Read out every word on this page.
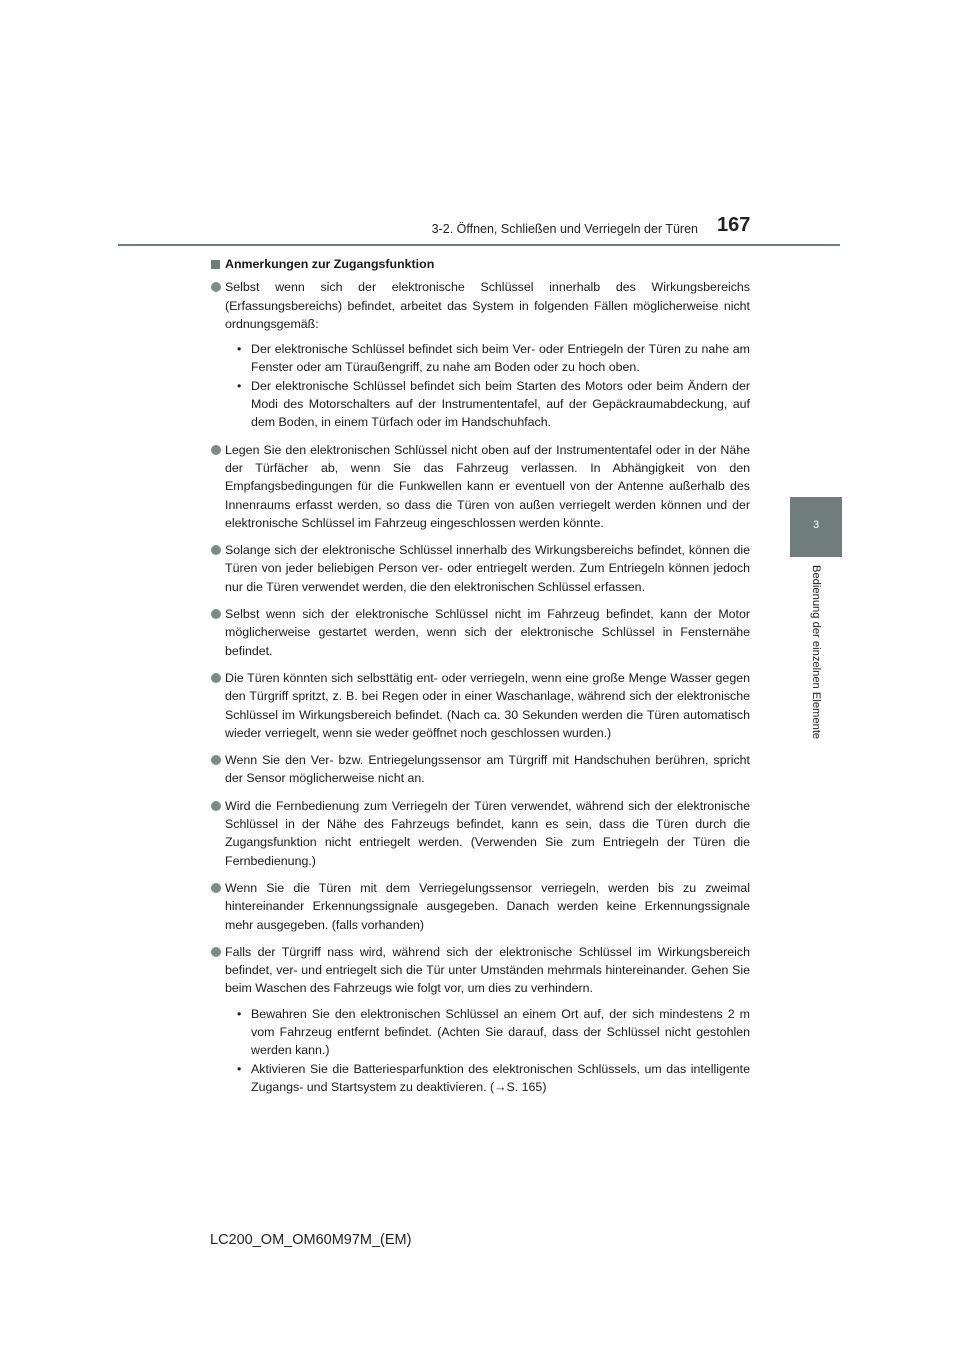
3-2. Öffnen, Schließen und Verriegeln der Türen 167
3
Bedienung der einzelnen Elemente
Anmerkungen zur Zugangsfunktion
Selbst wenn sich der elektronische Schlüssel innerhalb des Wirkungsbereichs (Erfassungsbereichs) befindet, arbeitet das System in folgenden Fällen möglicherweise nicht ordnungsgemäß:
• Der elektronische Schlüssel befindet sich beim Ver- oder Entriegeln der Türen zu nahe am Fenster oder am Türaußengriff, zu nahe am Boden oder zu hoch oben.
• Der elektronische Schlüssel befindet sich beim Starten des Motors oder beim Ändern der Modi des Motorschalters auf der Instrumententafel, auf der Gepäckraumabdeckung, auf dem Boden, in einem Türfach oder im Handschuhfach.
Legen Sie den elektronischen Schlüssel nicht oben auf der Instrumententafel oder in der Nähe der Türfächer ab, wenn Sie das Fahrzeug verlassen. In Abhängigkeit von den Empfangsbedingungen für die Funkwellen kann er eventuell von der Antenne außerhalb des Innenraums erfasst werden, so dass die Türen von außen verriegelt werden können und der elektronische Schlüssel im Fahrzeug eingeschlossen werden könnte.
Solange sich der elektronische Schlüssel innerhalb des Wirkungsbereichs befindet, können die Türen von jeder beliebigen Person ver- oder entriegelt werden. Zum Entriegeln können jedoch nur die Türen verwendet werden, die den elektronischen Schlüssel erfassen.
Selbst wenn sich der elektronische Schlüssel nicht im Fahrzeug befindet, kann der Motor möglicherweise gestartet werden, wenn sich der elektronische Schlüssel in Fensternähe befindet.
Die Türen könnten sich selbsttätig ent- oder verriegeln, wenn eine große Menge Wasser gegen den Türgriff spritzt, z. B. bei Regen oder in einer Waschanlage, während sich der elektronische Schlüssel im Wirkungsbereich befindet. (Nach ca. 30 Sekunden werden die Türen automatisch wieder verriegelt, wenn sie weder geöffnet noch geschlossen wurden.)
Wenn Sie den Ver- bzw. Entriegelungssensor am Türgriff mit Handschuhen berühren, spricht der Sensor möglicherweise nicht an.
Wird die Fernbedienung zum Verriegeln der Türen verwendet, während sich der elektronische Schlüssel in der Nähe des Fahrzeugs befindet, kann es sein, dass die Türen durch die Zugangsfunktion nicht entriegelt werden. (Verwenden Sie zum Entriegeln der Türen die Fernbedienung.)
Wenn Sie die Türen mit dem Verriegelungssensor verriegeln, werden bis zu zweimal hintereinander Erkennungssignale ausgegeben. Danach werden keine Erkennungssignale mehr ausgegeben. (falls vorhanden)
Falls der Türgriff nass wird, während sich der elektronische Schlüssel im Wirkungsbereich befindet, ver- und entriegelt sich die Tür unter Umständen mehrmals hintereinander. Gehen Sie beim Waschen des Fahrzeugs wie folgt vor, um dies zu verhindern.
• Bewahren Sie den elektronischen Schlüssel an einem Ort auf, der sich mindestens 2 m vom Fahrzeug entfernt befindet. (Achten Sie darauf, dass der Schlüssel nicht gestohlen werden kann.)
• Aktivieren Sie die Batteriesparfunktion des elektronischen Schlüssels, um das intelligente Zugangs- und Startsystem zu deaktivieren. (→S. 165)
LC200_OM_OM60M97M_(EM)
